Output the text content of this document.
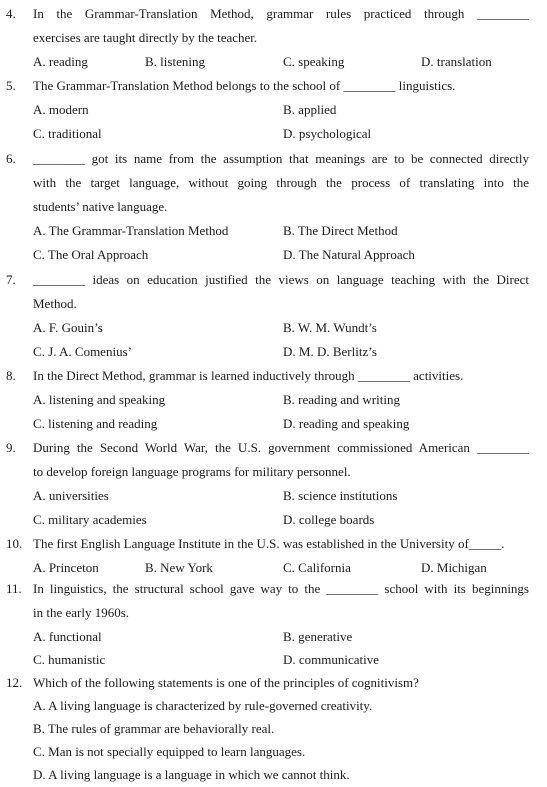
4.	In the Grammar-Translation Method, grammar rules practiced through ________
exercises are taught directly by the teacher.
A. reading	B. listening	C. speaking	D. translation
5.	The Grammar-Translation Method belongs to the school of ________ linguistics.
A. modern	B. applied
C. traditional	D. psychological
6.	________ got its name from the assumption that meanings are to be connected directly
with the target language, without going through the process of translating into the
students’ native language.
A. The Grammar-Translation Method	B. The Direct Method
C. The Oral Approach	D. The Natural Approach
7.	________ ideas on education justified the views on language teaching with the Direct
Method.
A. F. Gouin’s	B. W. M. Wundt’s
C. J. A. Comenius’	D. M. D. Berlitz’s
8.	In the Direct Method, grammar is learned inductively through ________ activities.
A. listening and speaking	B. reading and writing
C. listening and reading	D. reading and speaking
9.	During the Second World War, the U.S. government commissioned American ________
to develop foreign language programs for military personnel.
A. universities	B. science institutions
C. military academies	D. college boards
10. The first English Language Institute in the U.S. was established in the University of_____.
A. Princeton	B. New York	C. California	D. Michigan
11. In linguistics, the structural school gave way to the ________ school with its beginnings
in the early 1960s.
A. functional	B. generative
C. humanistic	D. communicative
12. Which of the following statements is one of the principles of cognitivism?
A. A living language is characterized by rule-governed creativity.
B. The rules of grammar are behaviorally real.
C. Man is not specially equipped to learn languages.
D. A living language is a language in which we cannot think.
